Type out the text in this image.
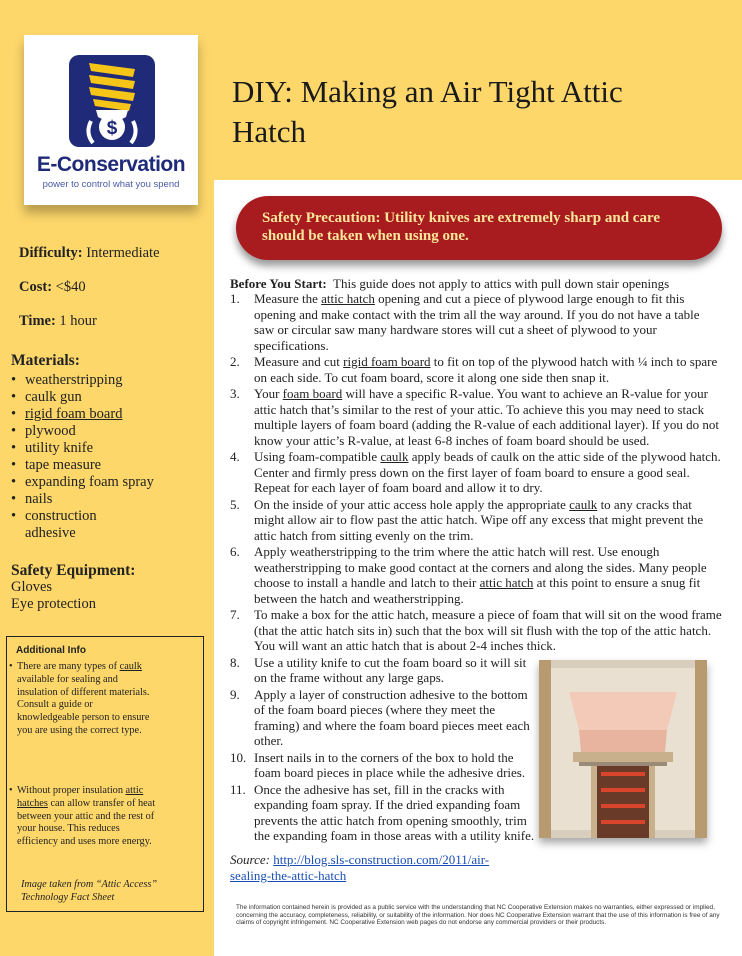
DIY: Making an Air Tight Attic Hatch
$
E-Conservation
power to control what you spend
Difficulty: Intermediate
Cost: <$40
Time: 1 hour
Materials:
• weatherstripping
• caulk gun
• rigid foam board
• plywood
• utility knife
• tape measure
• expanding foam spray
• nails
• construction adhesive
Safety Equipment:
Gloves
Eye protection
Additional Info
• There are many types of caulk available for sealing and insulation of different materials. Consult a guide or knowledgeable person to ensure you are using the correct type.
• Without proper insulation attic hatches can allow transfer of heat between your attic and the rest of your house. This reduces efficiency and uses more energy.
Image taken from “Attic Access” Technology Fact Sheet
Safety Precaution: Utility knives are extremely sharp and care should be taken when using one.
Before You Start: This guide does not apply to attics with pull down stair openings
1. Measure the attic hatch opening and cut a piece of plywood large enough to fit this opening and make contact with the trim all the way around. If you do not have a table saw or circular saw many hardware stores will cut a sheet of plywood to your specifications.
2. Measure and cut rigid foam board to fit on top of the plywood hatch with ¼ inch to spare on each side. To cut foam board, score it along one side then snap it.
3. Your foam board will have a specific R-value. You want to achieve an R-value for your attic hatch that’s similar to the rest of your attic. To achieve this you may need to stack multiple layers of foam board (adding the R-value of each additional layer). If you do not know your attic’s R-value, at least 6-8 inches of foam board should be used.
4. Using foam-compatible caulk apply beads of caulk on the attic side of the plywood hatch. Center and firmly press down on the first layer of foam board to ensure a good seal. Repeat for each layer of foam board and allow it to dry.
5. On the inside of your attic access hole apply the appropriate caulk to any cracks that might allow air to flow past the attic hatch. Wipe off any excess that might prevent the attic hatch from sitting evenly on the trim.
6. Apply weatherstripping to the trim where the attic hatch will rest. Use enough weatherstripping to make good contact at the corners and along the sides. Many people choose to install a handle and latch to their attic hatch at this point to ensure a snug fit between the hatch and weatherstripping.
7. To make a box for the attic hatch, measure a piece of foam that will sit on the wood frame (that the attic hatch sits in) such that the box will sit flush with the top of the attic hatch. You will want an attic hatch that is about 2-4 inches thick.
8. Use a utility knife to cut the foam board so it will sit on the frame without any large gaps.
9. Apply a layer of construction adhesive to the bottom of the foam board pieces (where they meet the framing) and where the foam board pieces meet each other.
10. Insert nails in to the corners of the box to hold the foam board pieces in place while the adhesive dries.
11. Once the adhesive has set, fill in the cracks with expanding foam spray. If the dried expanding foam prevents the attic hatch from opening smoothly, trim the expanding foam in those areas with a utility knife.
Source: http://blog.sls-construction.com/2011/air-sealing-the-attic-hatch
The information contained herein is provided as a public service with the understanding that NC Cooperative Extension makes no warranties, either expressed or implied, concerning the accuracy, completeness, reliability, or suitability of the information. Nor does NC Cooperative Extension warrant that the use of this information is free of any claims of copyright infringement. NC Cooperative Extension web pages do not endorse any commercial providers or their products.
